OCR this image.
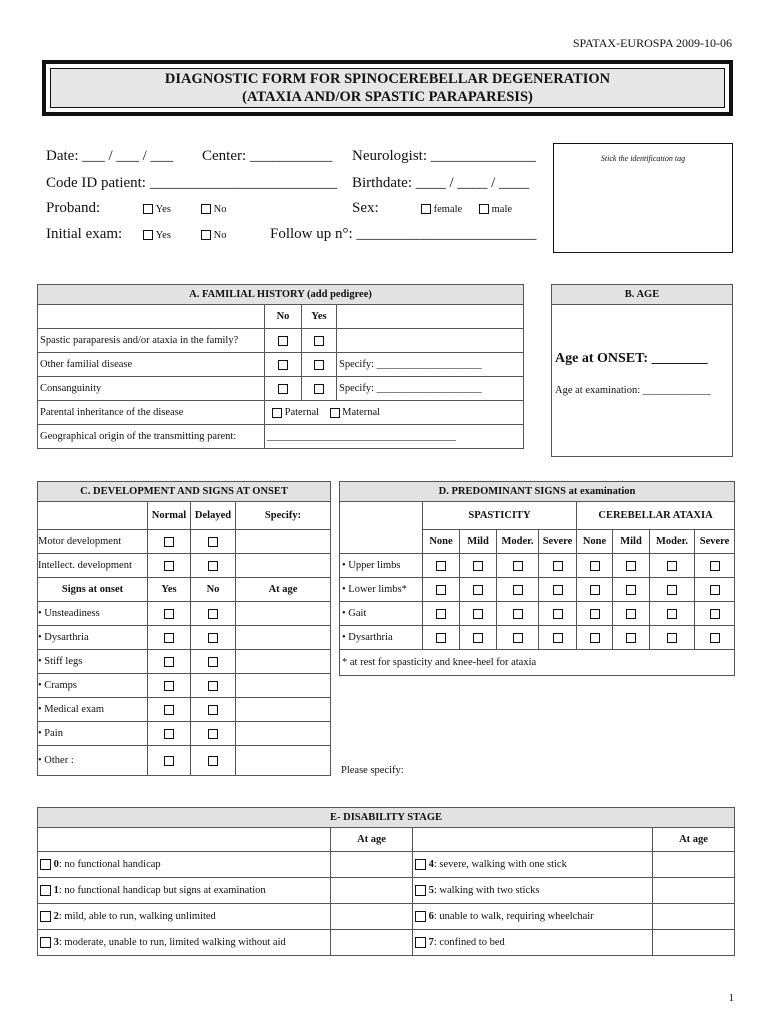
SPATAX-EUROSPA 2009-10-06
DIAGNOSTIC FORM FOR SPINOCEREBELLAR DEGENERATION
(ATAXIA AND/OR SPASTIC PARAPARESIS)
Date: ___ / ___ / ___ Center: ___________ Neurologist: ______________
Code ID patient: _________________________ Birthdate: ____ / ____ / ____
Proband:
	Yes
	No	Sex:
	female
	male
Initial exam:
	Yes
	No	Follow up n°: ________________________
Stick the identification tag
A. FAMILIAL HISTORY (add pedigree)			
	No	Yes	
Spastic paraparesis and/or ataxia in the family?			
Other familial disease			Specify: ____________________
Consanguinity			Specify: ____________________
Parental inheritance of the disease	Paternal Maternal		
Geographical origin of the transmitting parent:	____________________________________		
B. AGE

Age at ONSET: ________
Age at examination: _____________
C. DEVELOPMENT AND SIGNS AT ONSET			
	Normal	Delayed	Specify:
Motor development			
Intellect. development			
Signs at onset	Yes	No	At age
• Unsteadiness			
• Dysarthria			
• Stiff legs			
• Cramps			
• Medical exam			
• Pain			
• Other :			
D. PREDOMINANT SIGNS at examination								
	SPASTICITY				CEREBELLAR ATAXIA			
	None	Mild	Moder.	Severe	None	Mild	Moder.	Severe
• Upper limbs								
• Lower limbs*								
• Gait								
• Dysarthria								
* at rest for spasticity and knee-heel for ataxia								
Please specify:
E- DISABILITY STAGE			
	At age		At age
0: no functional handicap		4: severe, walking with one stick	
1: no functional handicap but signs at examination		5: walking with two sticks	
2: mild, able to run, walking unlimited		6: unable to walk, requiring wheelchair	
3: moderate, unable to run, limited walking without aid		7: confined to bed	
1
